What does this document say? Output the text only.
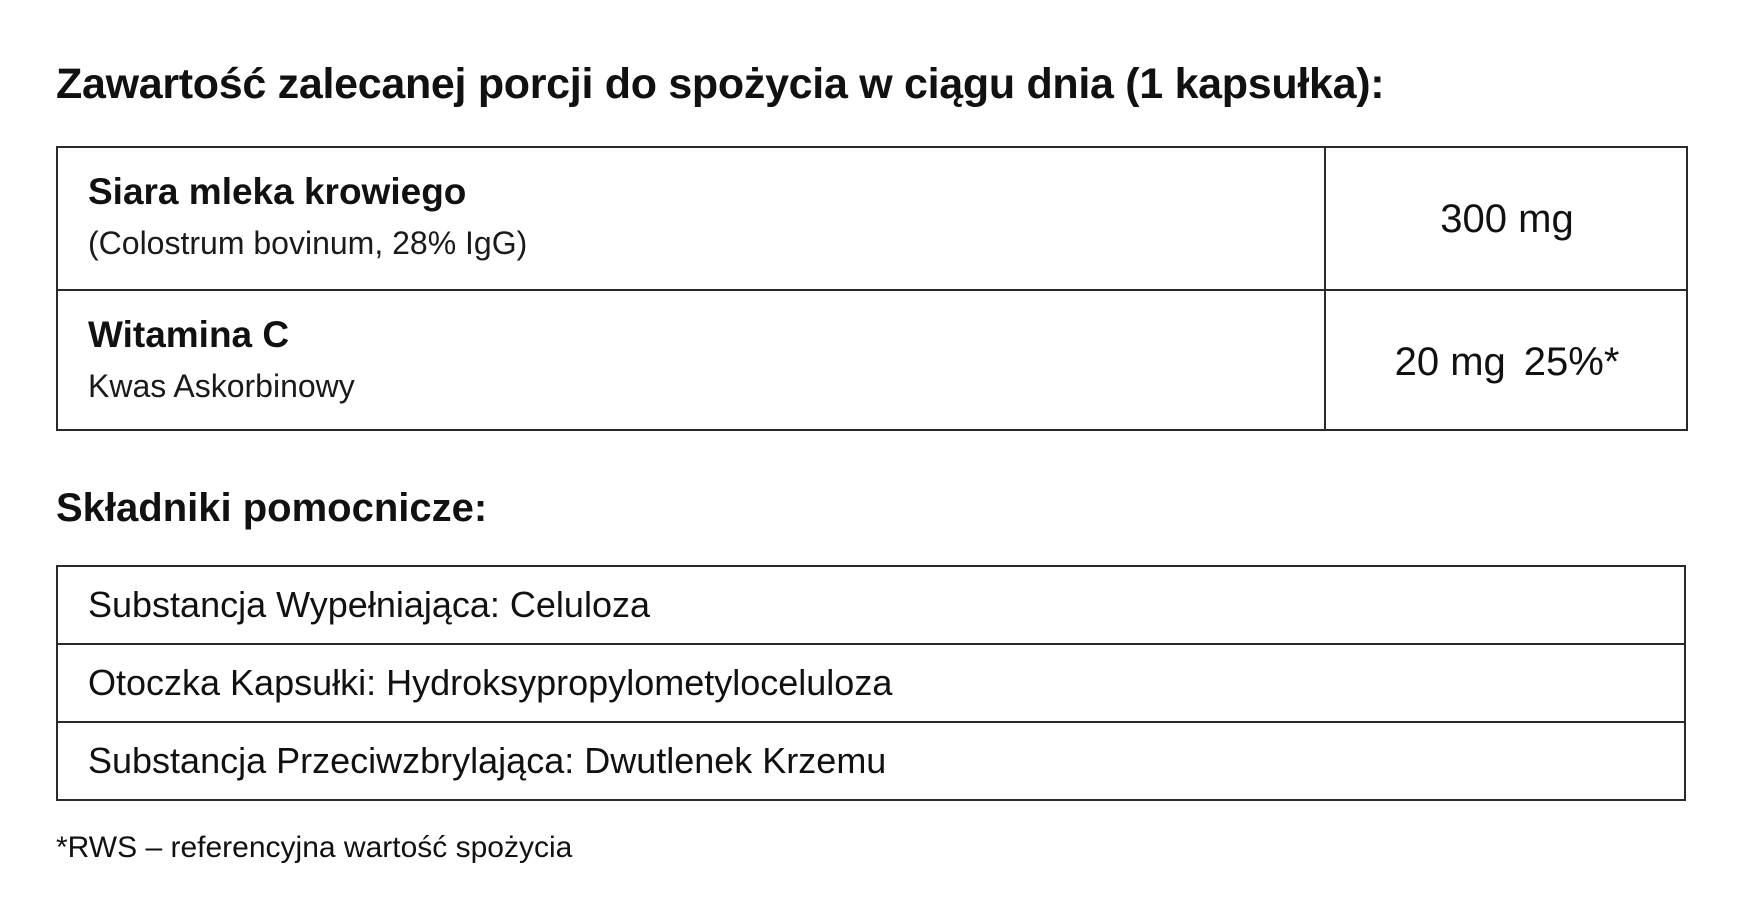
Zawartość zalecanej porcji do spożycia w ciągu dnia (1 kapsułka):
Siara mleka krowiego
(Colostrum bovinum, 28% IgG)
300 mg
Witamina C
Kwas Askorbinowy
20 mg 25%*
Składniki pomocnicze:
Substancja Wypełniająca: Celuloza
Otoczka Kapsułki: Hydroksypropylometyloceluloza
Substancja Przeciwzbrylająca: Dwutlenek Krzemu
*RWS – referencyjna wartość spożycia
